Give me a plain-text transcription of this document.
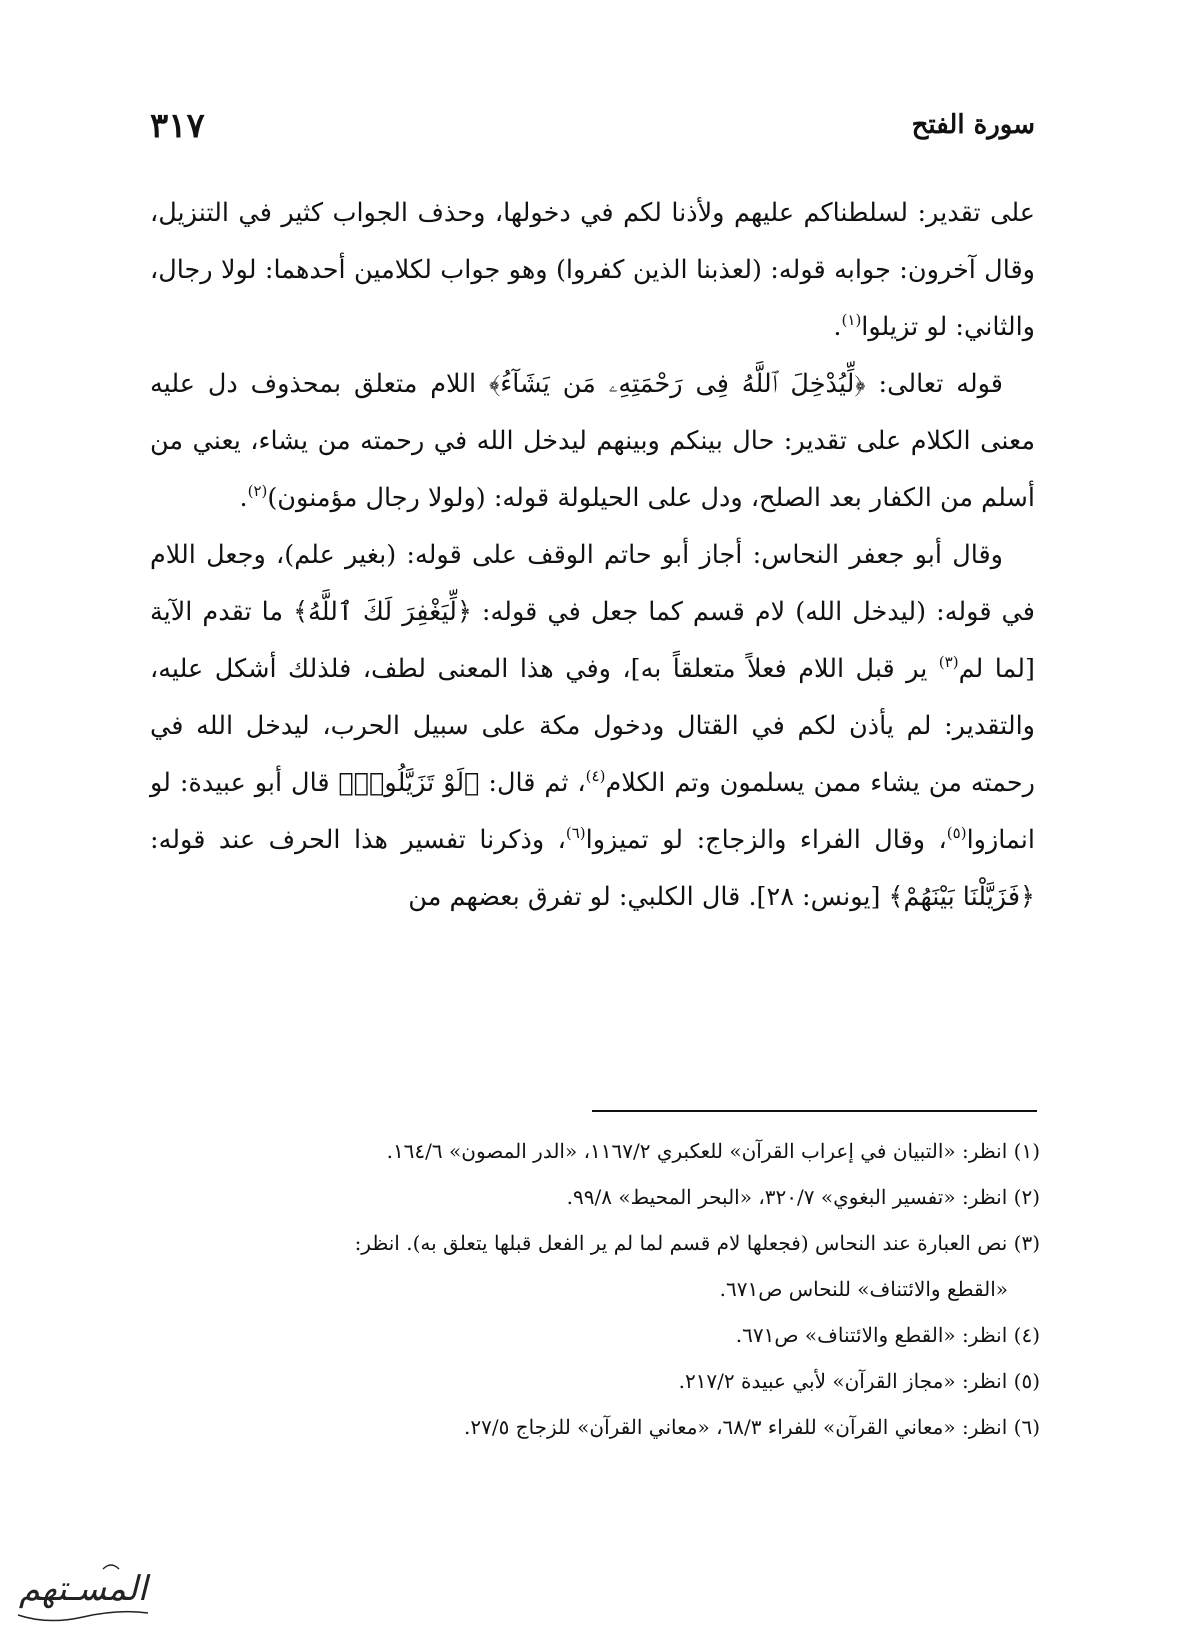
سورة الفتح
٣١٧

على تقدير: لسلطناكم عليهم ولأذنا لكم في دخولها، وحذف الجواب كثير في التنزيل، وقال آخرون: جوابه قوله: (لعذبنا الذين كفروا) وهو جواب لكلامين أحدهما: لولا رجال، والثاني: لو تزيلوا$^{(١)}$.

قوله تعالى: ﴿لِّيُدْخِلَ ٱللَّهُ فِى رَحْمَتِهِۦ مَن يَشَآءُ﴾ اللام متعلق بمحذوف دل عليه معنى الكلام على تقدير: حال بينكم وبينهم ليدخل الله في رحمته من يشاء، يعني من أسلم من الكفار بعد الصلح، ودل على الحيلولة قوله: (ولولا رجال مؤمنون)$^{(٢)}$.

وقال أبو جعفر النحاس: أجاز أبو حاتم الوقف على قوله: (بغير علم)، وجعل اللام في قوله: (ليدخل الله) لام قسم كما جعل في قوله: ﴿لِّيَغْفِرَ لَكَ ٱللَّهُ﴾ ما تقدم الآية [لما لم$^{(٣)}$ ير قبل اللام فعلاً متعلقاً به]، وفي هذا المعنى لطف، فلذلك أشكل عليه، والتقدير: لم يأذن لكم في القتال ودخول مكة على سبيل الحرب، ليدخل الله في رحمته من يشاء ممن يسلمون وتم الكلام$^{(٤)}$، ثم قال: ﴿لَوْ تَزَيَّلُوا۟﴾ قال أبو عبيدة: لو انمازوا$^{(٥)}$، وقال الفراء والزجاج: لو تميزوا$^{(٦)}$، وذكرنا تفسير هذا الحرف عند قوله: ﴿فَزَيَّلْنَا بَيْنَهُمْ﴾ [يونس: ٢٨]. قال الكلبي: لو تفرق بعضهم من

(١) انظر: «التبيان في إعراب القرآن» للعكبري ١١٦٧/٢، «الدر المصون» ١٦٤/٦.

(٢) انظر: «تفسير البغوي» ٣٢٠/٧، «البحر المحيط» ٩٩/٨.

(٣) نص العبارة عند النحاس (فجعلها لام قسم لما لم ير الفعل قبلها يتعلق به). انظر:

«القطع والائتناف» للنحاس ص٦٧١.

(٤) انظر: «القطع والائتناف» ص٦٧١.

(٥) انظر: «مجاز القرآن» لأبي عبيدة ٢١٧/٢.

(٦) انظر: «معاني القرآن» للفراء ٦٨/٣، «معاني القرآن» للزجاج ٢٧/٥.

المسـتهم
